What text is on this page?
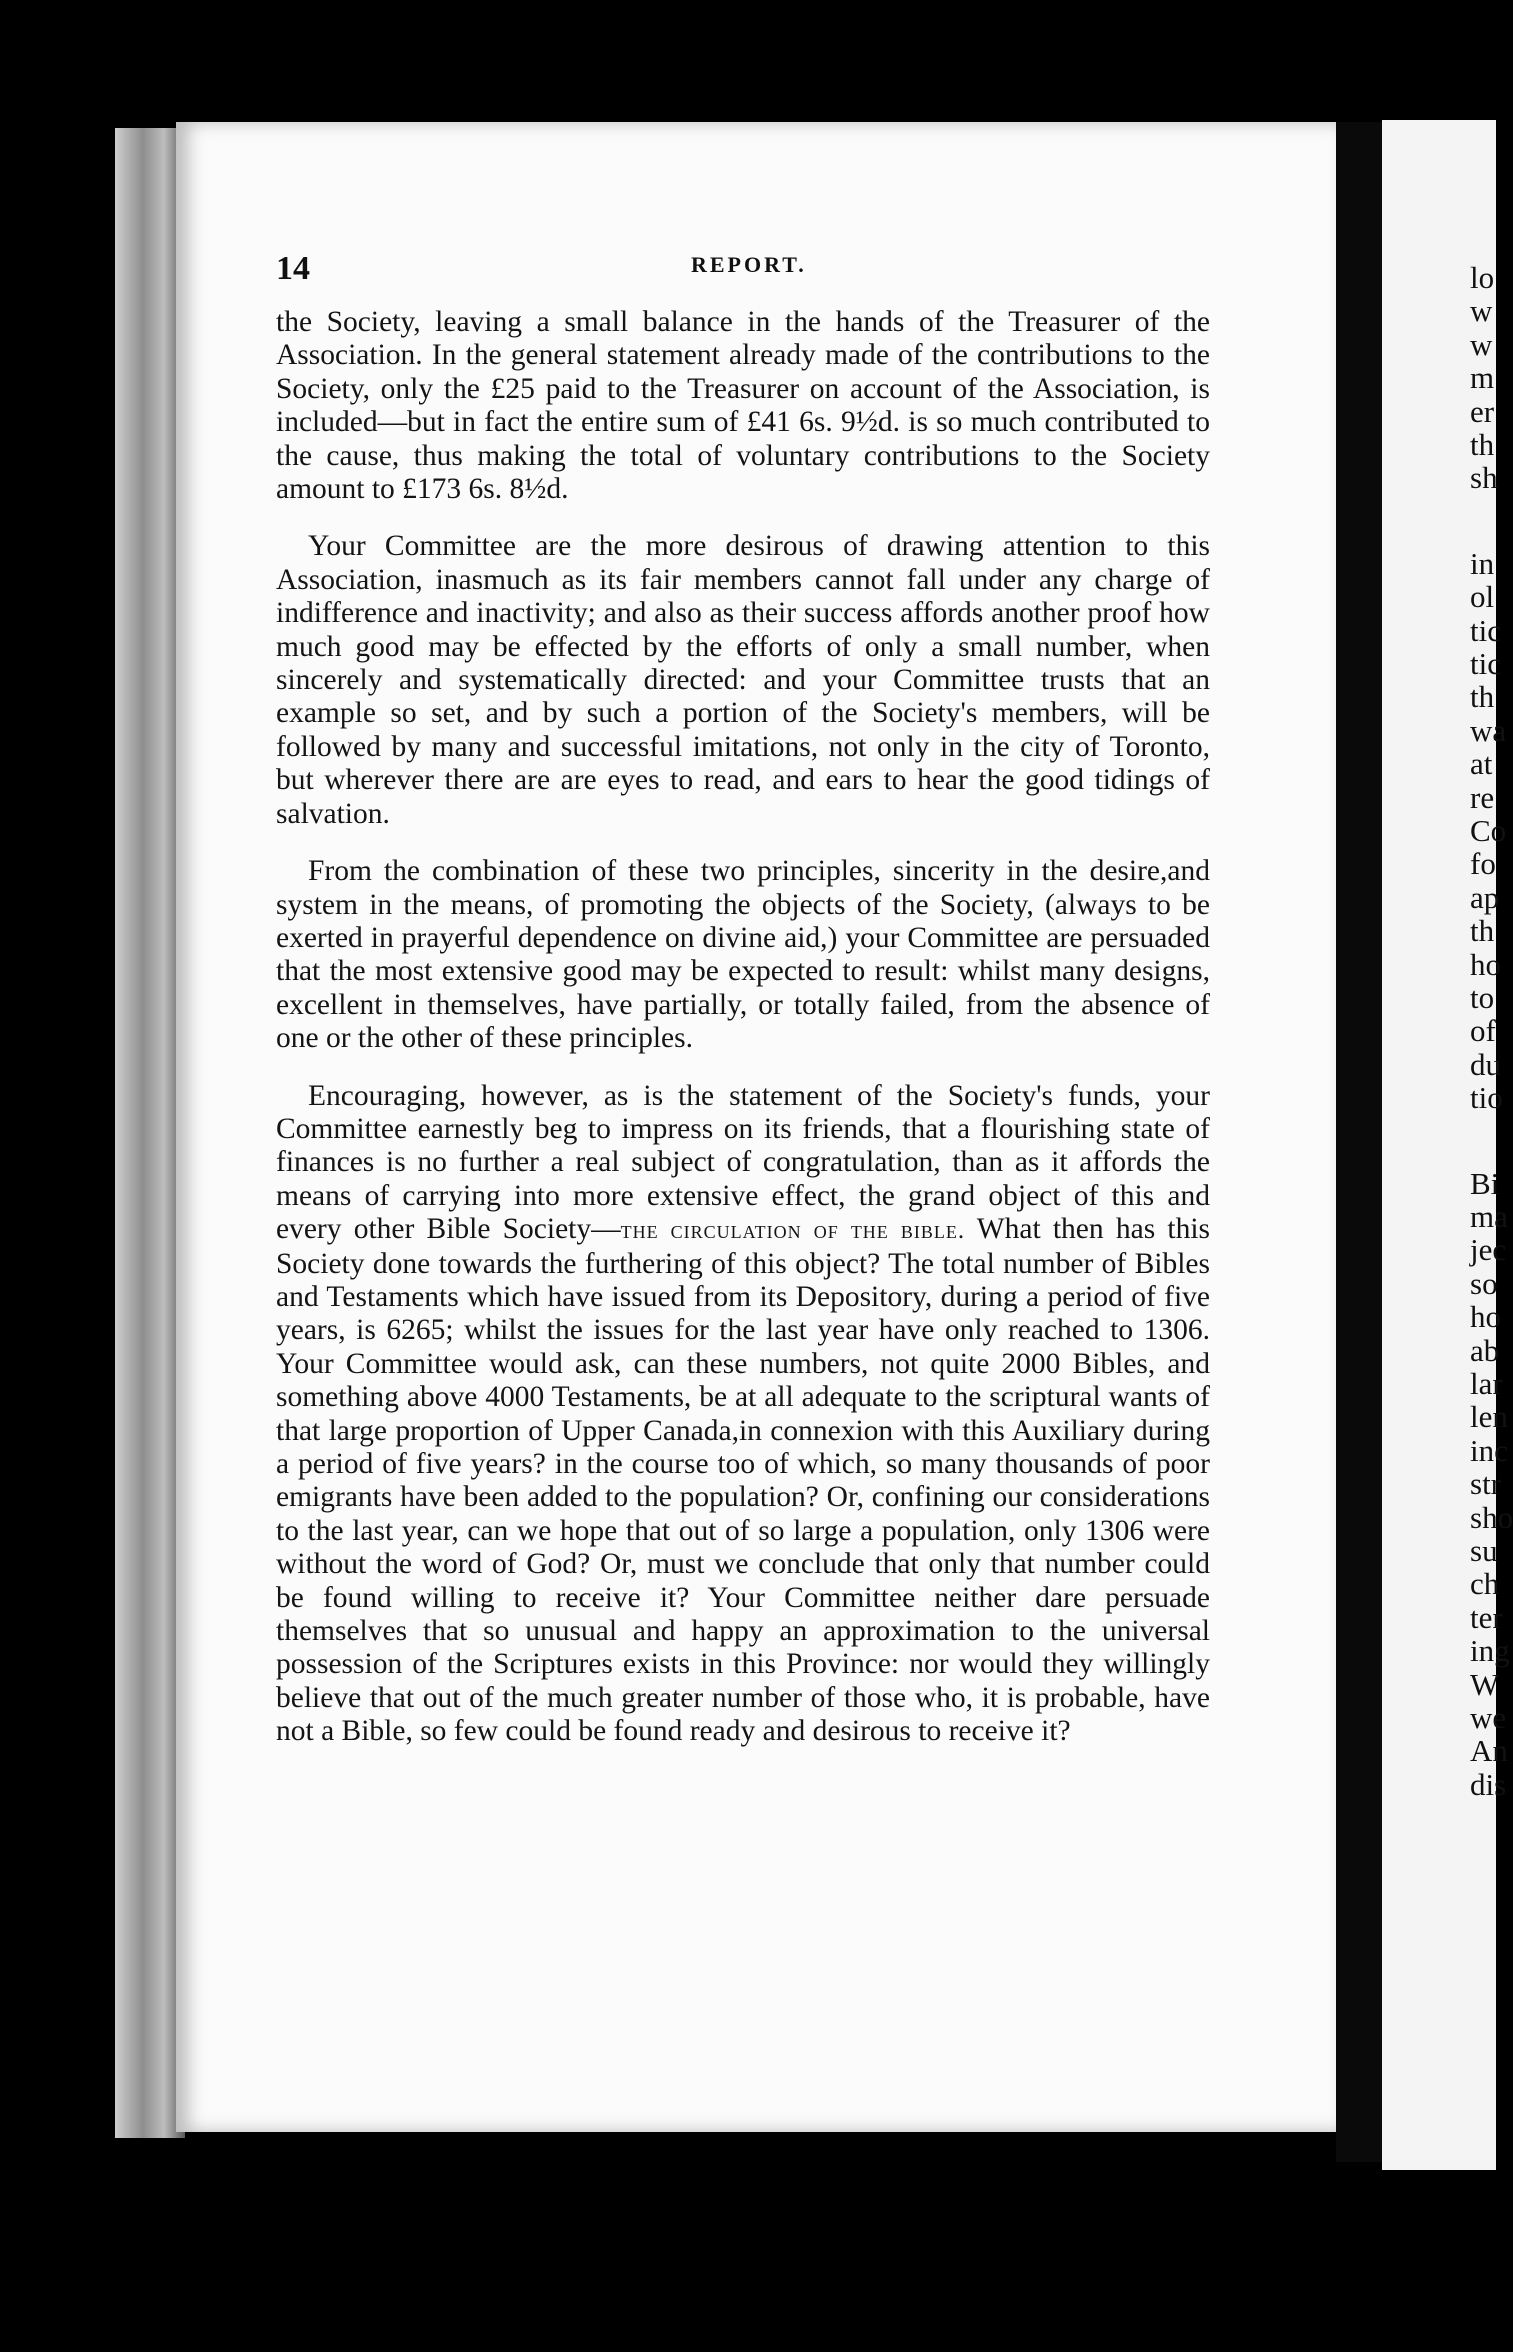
lo
w
w
m
er
th
sh
in
ol
tic
tic
th
wa
at
re
Co
fo
ap
th
ho
to
of
du
tio
Bi
ma
jec
so
ho
ab
lar
len
inc
str
sho
su
ch
ter
ing
W
we
An
dis
14	REPORT.

the Society, leaving a small balance in the hands of the Treasurer of the Association. In the general statement already made of the contributions to the Society, only the £25 paid to the Treasurer on account of the Association, is included—but in fact the entire sum of £41 6s. 9½d. is so much contributed to the cause, thus making the total of voluntary contributions to the Society amount to £173 6s. 8½d.

Your Committee are the more desirous of drawing attention to this Association, inasmuch as its fair members cannot fall under any charge of indifference and inactivity; and also as their success affords another proof how much good may be effected by the efforts of only a small number, when sincerely and systematically directed: and your Committee trusts that an example so set, and by such a portion of the Society's members, will be followed by many and successful imitations, not only in the city of Toronto, but wherever there are are eyes to read, and ears to hear the good tidings of salvation.

From the combination of these two principles, sincerity in the desire,and system in the means, of promoting the objects of the Society, (always to be exerted in prayerful dependence on divine aid,) your Committee are persuaded that the most extensive good may be expected to result: whilst many designs, excellent in themselves, have partially, or totally failed, from the absence of one or the other of these principles.

Encouraging, however, as is the statement of the Society's funds, your Committee earnestly beg to impress on its friends, that a flourishing state of finances is no further a real subject of congratulation, than as it affords the means of carrying into more extensive effect, the grand object of this and every other Bible Society—the circulation of the bible. What then has this Society done towards the furthering of this object? The total number of Bibles and Testaments which have issued from its Depository, during a period of five years, is 6265; whilst the issues for the last year have only reached to 1306. Your Committee would ask, can these numbers, not quite 2000 Bibles, and something above 4000 Testaments, be at all adequate to the scriptural wants of that large proportion of Upper Canada,in connexion with this Auxiliary during a period of five years? in the course too of which, so many thousands of poor emigrants have been added to the population? Or, confining our considerations to the last year, can we hope that out of so large a population, only 1306 were without the word of God? Or, must we conclude that only that number could be found willing to receive it? Your Committee neither dare persuade themselves that so unusual and happy an approximation to the universal possession of the Scriptures exists in this Province: nor would they willingly believe that out of the much greater number of those who, it is probable, have not a Bible, so few could be found ready and desirous to receive it?
